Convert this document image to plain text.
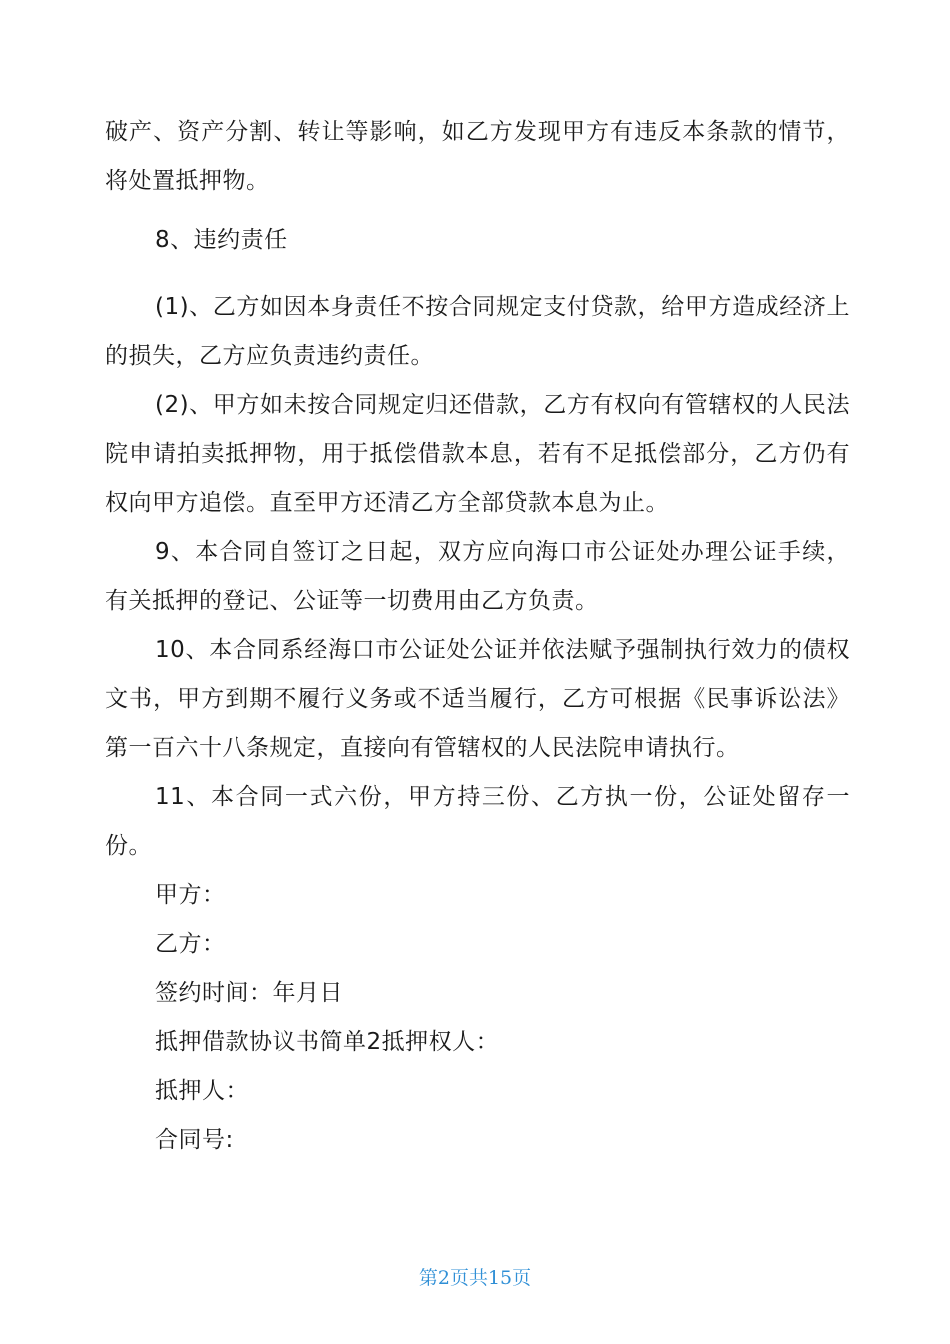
破产、资产分割、转让等影响，如乙方发现甲方有违反本条款的情节，将处置抵押物。

8、违约责任

(1)、乙方如因本身责任不按合同规定支付贷款，给甲方造成经济上的损失，乙方应负责违约责任。

(2)、甲方如未按合同规定归还借款，乙方有权向有管辖权的人民法院申请拍卖抵押物，用于抵偿借款本息，若有不足抵偿部分，乙方仍有权向甲方追偿。直至甲方还清乙方全部贷款本息为止。

9、本合同自签订之日起，双方应向海口市公证处办理公证手续，有关抵押的登记、公证等一切费用由乙方负责。

10、本合同系经海口市公证处公证并依法赋予强制执行效力的债权文书，甲方到期不履行义务或不适当履行，乙方可根据《民事诉讼法》第一百六十八条规定，直接向有管辖权的人民法院申请执行。

11、本合同一式六份，甲方持三份、乙方执一份，公证处留存一份。

甲方：

乙方：

签约时间：年月日

抵押借款协议书简单2抵押权人：

抵押人：

合同号:

第2页共15页
